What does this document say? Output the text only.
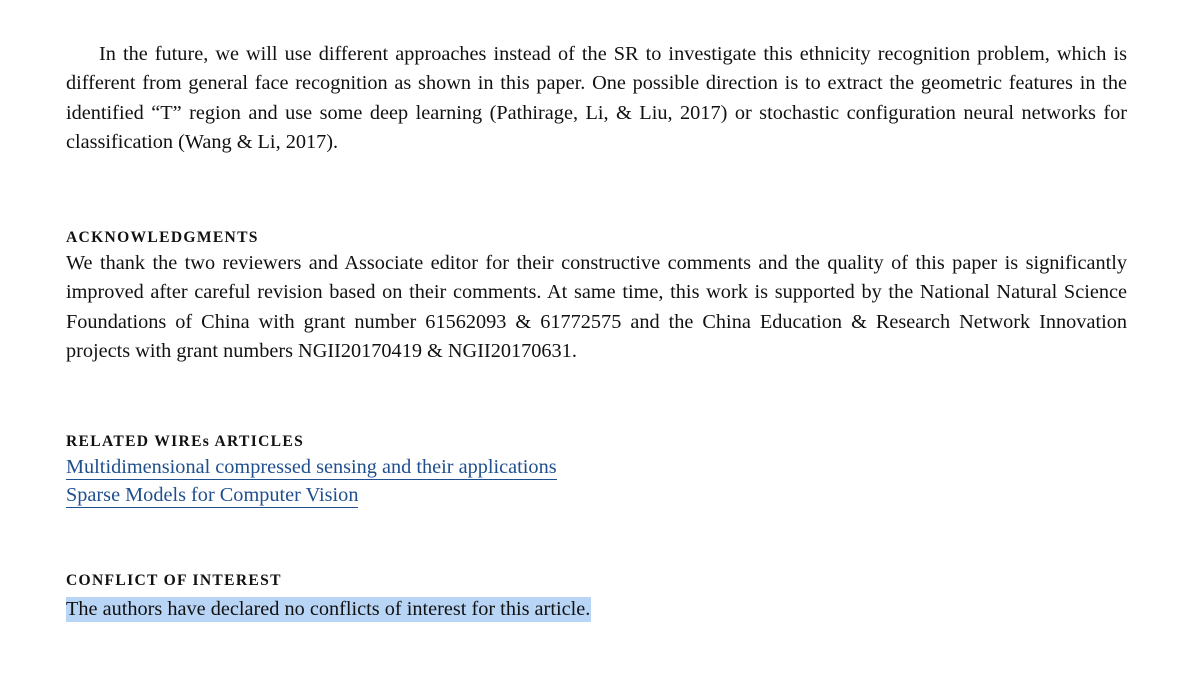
In the future, we will use different approaches instead of the SR to investigate this ethnicity recognition problem, which is different from general face recognition as shown in this paper. One possible direction is to extract the geometric features in the identified “T” region and use some deep learning (Pathirage, Li, & Liu, 2017) or stochastic configuration neural networks for classification (Wang & Li, 2017).

ACKNOWLEDGMENTS

We thank the two reviewers and Associate editor for their constructive comments and the quality of this paper is significantly improved after careful revision based on their comments. At same time, this work is supported by the National Natural Science Foundations of China with grant number 61562093 & 61772575 and the China Education & Research Network Innovation projects with grant numbers NGII20170419 & NGII20170631.

RELATED WIREs ARTICLES
Multidimensional compressed sensing and their applications
Sparse Models for Computer Vision
CONFLICT OF INTEREST
The authors have declared no conflicts of interest for this article.
